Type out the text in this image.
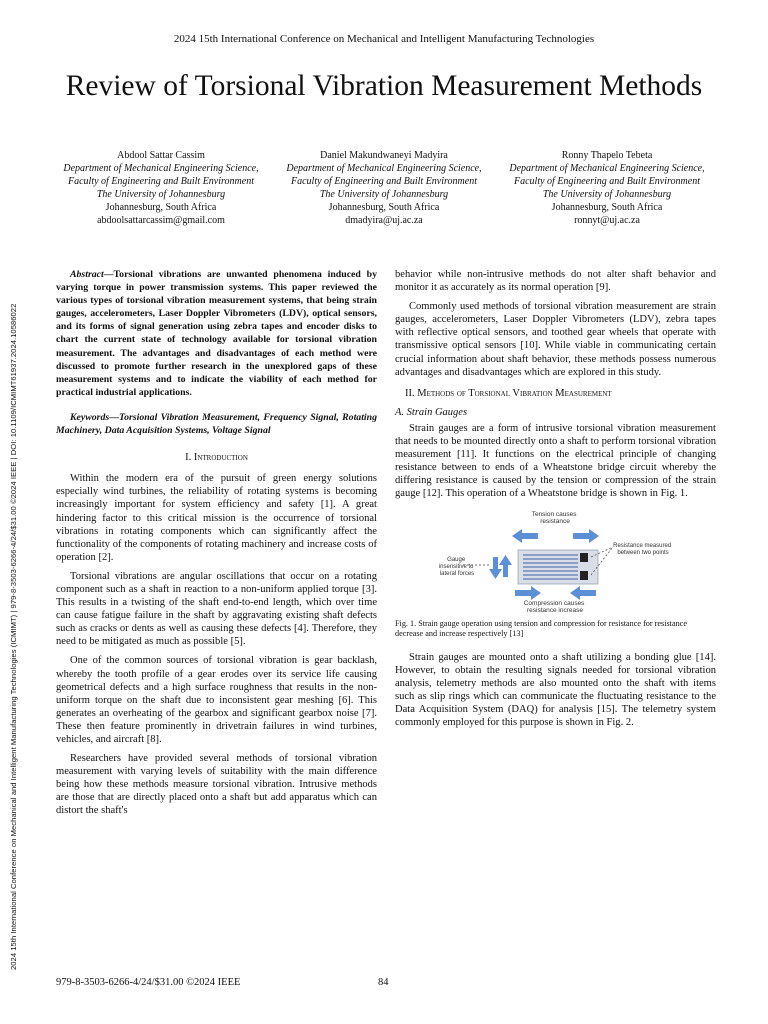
2024 15th International Conference on Mechanical and Intelligent Manufacturing Technologies
Review of Torsional Vibration Measurement Methods
2024 15th International Conference on Mechanical and Intelligent Manufacturing Technologies (ICMIMT) | 979-8-3503-6266-4/24/$31.00 ©2024 IEEE | DOI: 10.1109/ICMIMT61937.2024.10586022
Abdool Sattar Cassim
Department of Mechanical Engineering Science, Faculty of Engineering and Built Environment
The University of Johannesburg
Johannesburg, South Africa
abdoolsattarcassim@gmail.com
Daniel Makundwaneyi Madyira
Department of Mechanical Engineering Science, Faculty of Engineering and Built Environment
The University of Johannesburg
Johannesburg, South Africa
dmadyira@uj.ac.za
Ronny Thapelo Tebeta
Department of Mechanical Engineering Science, Faculty of Engineering and Built Environment
The University of Johannesburg
Johannesburg, South Africa
ronnyt@uj.ac.za

Abstract—Torsional vibrations are unwanted phenomena induced by varying torque in power transmission systems. This paper reviewed the various types of torsional vibration measurement systems, that being strain gauges, accelerometers, Laser Doppler Vibrometers (LDV), optical sensors, and its forms of signal generation using zebra tapes and encoder disks to chart the current state of technology available for torsional vibration measurement. The advantages and disadvantages of each method were discussed to promote further research in the unexplored gaps of these measurement systems and to indicate the viability of each method for practical industrial applications.

Keywords—Torsional Vibration Measurement, Frequency Signal, Rotating Machinery, Data Acquisition Systems, Voltage Signal

I. Introduction

Within the modern era of the pursuit of green energy solutions especially wind turbines, the reliability of rotating systems is becoming increasingly important for system efficiency and safety [1]. A great hindering factor to this critical mission is the occurrence of torsional vibrations in rotating components which can significantly affect the functionality of the components of rotating machinery and increase costs of operation [2].

Torsional vibrations are angular oscillations that occur on a rotating component such as a shaft in reaction to a non-uniform applied torque [3]. This results in a twisting of the shaft end-to-end length, which over time can cause fatigue failure in the shaft by aggravating existing shaft defects such as cracks or dents as well as causing these defects [4]. Therefore, they need to be mitigated as much as possible [5].

One of the common sources of torsional vibration is gear backlash, whereby the tooth profile of a gear erodes over its service life causing geometrical defects and a high surface roughness that results in the non-uniform torque on the shaft due to inconsistent gear meshing [6]. This generates an overheating of the gearbox and significant gearbox noise [7]. These then feature prominently in drivetrain failures in wind turbines, vehicles, and aircraft [8].

Researchers have provided several methods of torsional vibration measurement with varying levels of suitability with the main difference being how these methods measure torsional vibration. Intrusive methods are those that are directly placed onto a shaft but add apparatus which can distort the shaft's

behavior while non-intrusive methods do not alter shaft behavior and monitor it as accurately as its normal operation [9].

Commonly used methods of torsional vibration measurement are strain gauges, accelerometers, Laser Doppler Vibrometers (LDV), zebra tapes with reflective optical sensors, and toothed gear wheels that operate with transmissive optical sensors [10]. While viable in communicating certain crucial information about shaft behavior, these methods possess numerous advantages and disadvantages which are explored in this study.

II. Methods of Torsional Vibration Measurement
A. Strain Gauges

Strain gauges are a form of intrusive torsional vibration measurement that needs to be mounted directly onto a shaft to perform torsional vibration measurement [11]. It functions on the electrical principle of changing resistance between to ends of a Wheatstone bridge circuit whereby the differing resistance is caused by the tension or compression of the strain gauge [12]. This operation of a Wheatstone bridge is shown in Fig. 1.

Tension causes resistance
Gauge insensitive to lateral forces
Resistance measured between two points
Compression causes resistance increase

Fig. 1. Strain gauge operation using tension and compression for resistance for resistance decrease and increase respectively [13]

Strain gauges are mounted onto a shaft utilizing a bonding glue [14]. However, to obtain the resulting signals needed for torsional vibration analysis, telemetry methods are also mounted onto the shaft with items such as slip rings which can communicate the fluctuating resistance to the Data Acquisition System (DAQ) for analysis [15]. The telemetry system commonly employed for this purpose is shown in Fig. 2.

979-8-3503-6266-4/24/$31.00 ©2024 IEEE	84
